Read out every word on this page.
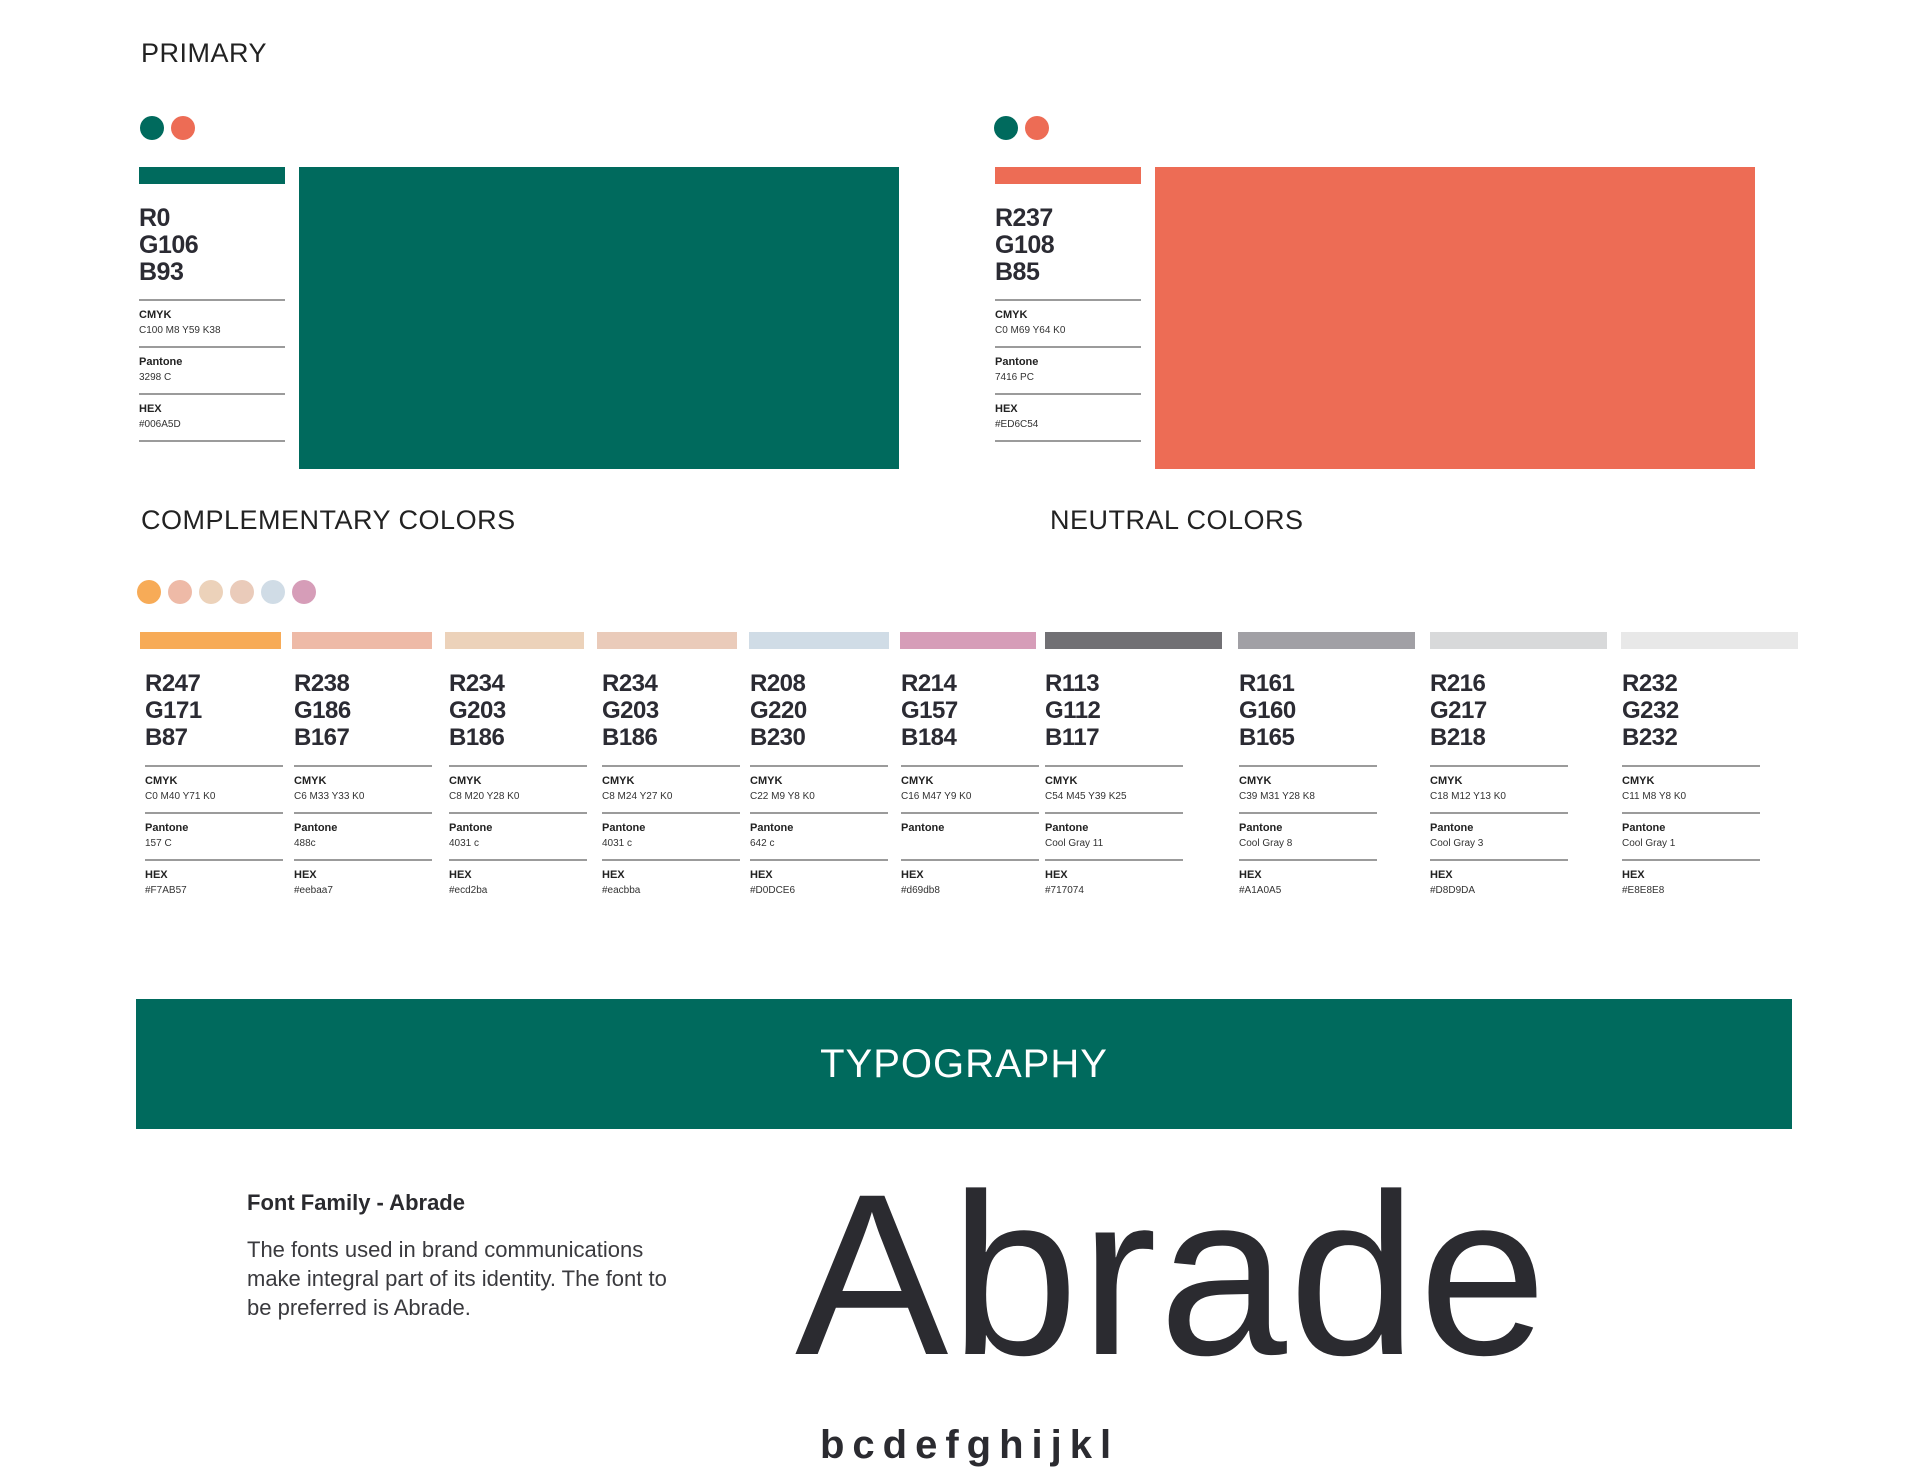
PRIMARY
R0
G106
B93
CMYK
C100 M8 Y59 K38
Pantone
3298 C
HEX
#006A5D
R237
G108
B85
CMYK
C0 M69 Y64 K0
Pantone
7416 PC
HEX
#ED6C54
COMPLEMENTARY COLORS	NEUTRAL COLORS
R247
G171
B87
CMYK
C0 M40 Y71 K0
Pantone
157 C
HEX
#F7AB57
R238
G186
B167
CMYK
C6 M33 Y33 K0
Pantone
488c
HEX
#eebaa7
R234
G203
B186
CMYK
C8 M20 Y28 K0
Pantone
4031 c
HEX
#ecd2ba
R234
G203
B186
CMYK
C8 M24 Y27 K0
Pantone
4031 c
HEX
#eacbba
R208
G220
B230
CMYK
C22 M9 Y8 K0
Pantone
642 c
HEX
#D0DCE6
R214
G157
B184
CMYK
C16 M47 Y9 K0
Pantone
HEX
#d69db8
R113
G112
B117
CMYK
C54 M45 Y39 K25
Pantone
Cool Gray 11
HEX
#717074
R161
G160
B165
CMYK
C39 M31 Y28 K8
Pantone
Cool Gray 8
HEX
#A1A0A5
R216
G217
B218
CMYK
C18 M12 Y13 K0
Pantone
Cool Gray 3
HEX
#D8D9DA
R232
G232
B232
CMYK
C11 M8 Y8 K0
Pantone
Cool Gray 1
HEX
#E8E8E8
TYPOGRAPHY
Font Family - Abrade
The fonts used in brand communications make integral part of its identity. The font to be preferred is Abrade.	Abrade
bcdefghijkl
